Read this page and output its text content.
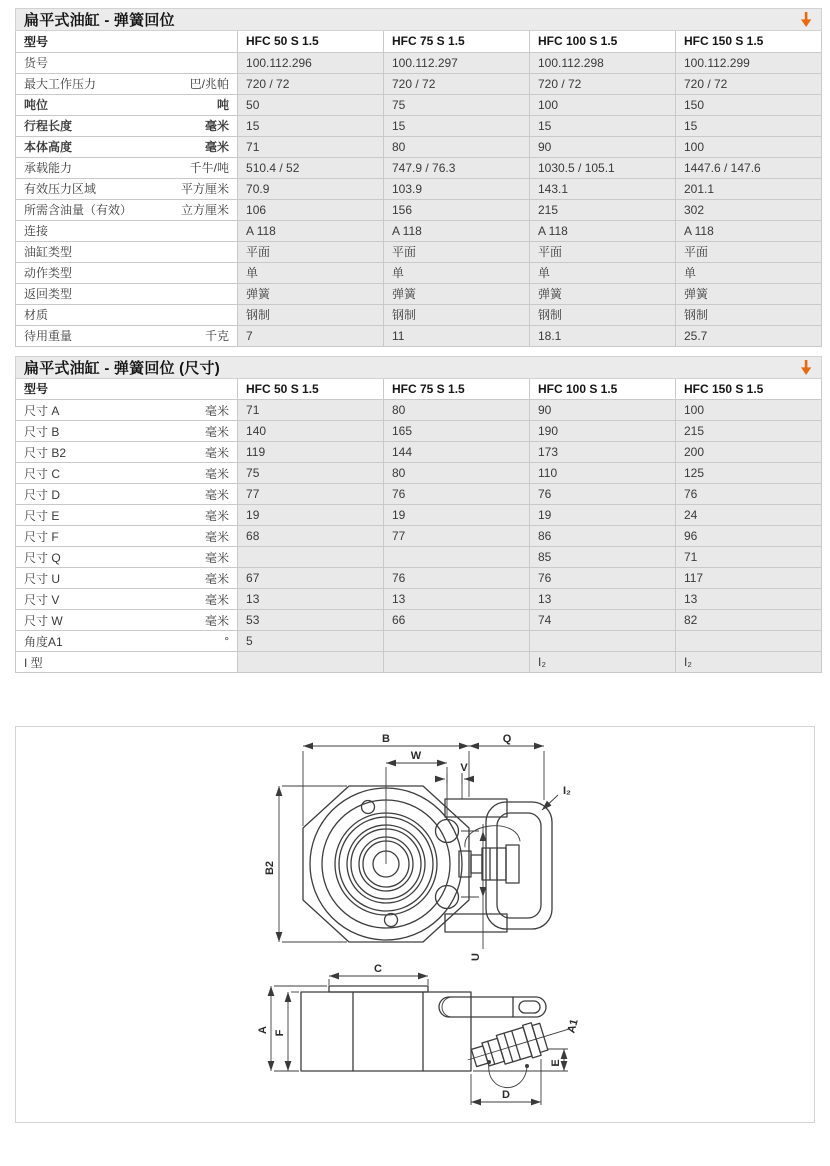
扁平式油缸 - 弹簧回位
型号		HFC 50 S 1.5	HFC 75 S 1.5	HFC 100 S 1.5	HFC 150 S 1.5
货号		100.112.296	100.112.297	100.112.298	100.112.299
最大工作压力	巴/兆帕	720 / 72	720 / 72	720 / 72	720 / 72
吨位	吨	50	75	100	150
行程长度	毫米	15	15	15	15
本体高度	毫米	71	80	90	100
承载能力	千牛/吨	510.4 / 52	747.9 / 76.3	1030.5 / 105.1	1447.6 / 147.6
有效压力区域	平方厘米	70.9	103.9	143.1	201.1
所需含油量（有效）	立方厘米	106	156	215	302
连接		A 118	A 118	A 118	A 118
油缸类型		平面	平面	平面	平面
动作类型		单	单	单	单
返回类型		弹簧	弹簧	弹簧	弹簧
材质		钢制	钢制	钢制	钢制
待用重量	千克	7	11	18.1	25.7
扁平式油缸 - 弹簧回位 (尺寸)
型号		HFC 50 S 1.5	HFC 75 S 1.5	HFC 100 S 1.5	HFC 150 S 1.5
尺寸 A	毫米	71	80	90	100
尺寸 B	毫米	140	165	190	215
尺寸 B2	毫米	119	144	173	200
尺寸 C	毫米	75	80	110	125
尺寸 D	毫米	77	76	76	76
尺寸 E	毫米	19	19	19	24
尺寸 F	毫米	68	77	86	96
尺寸 Q	毫米			85	71
尺寸 U	毫米	67	76	76	117
尺寸 V	毫米	13	13	13	13
尺寸 W	毫米	53	66	74	82
角度A1	°	5			
I 型				I₂	I₂
B	Q
W
V
B2
U
I₂
C
A F	A1
E
D
